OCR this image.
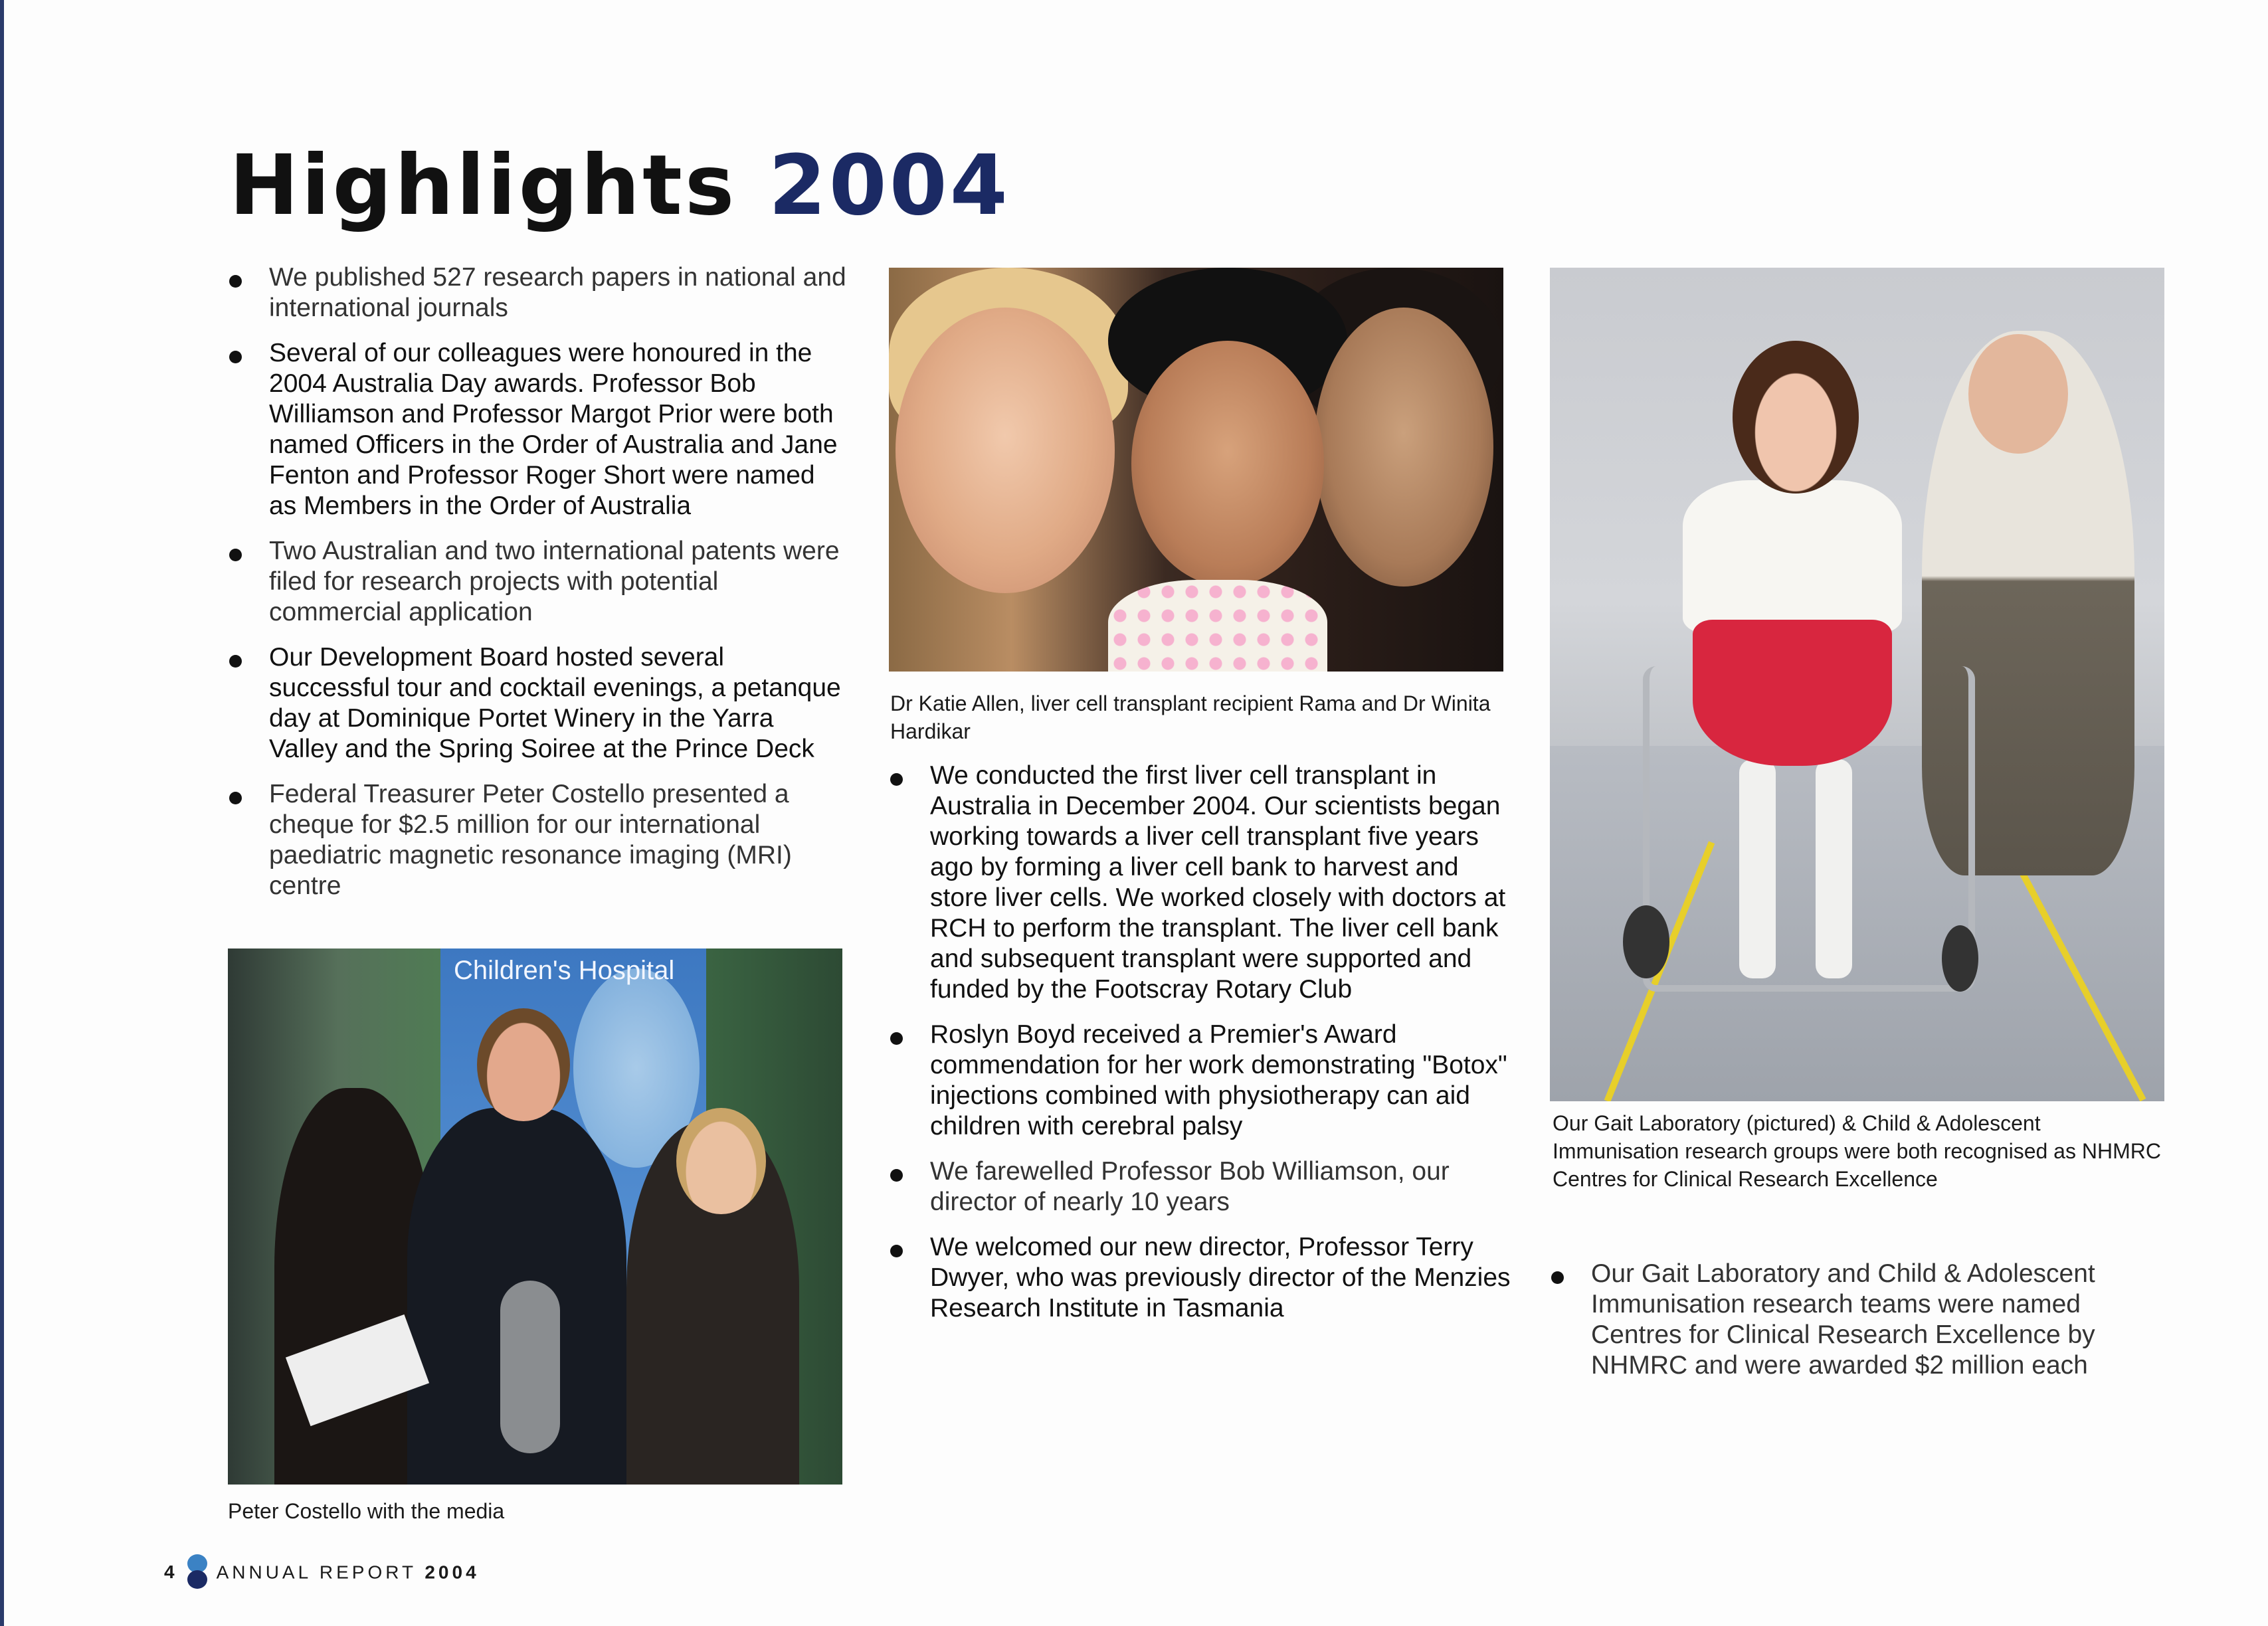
Highlights 2004
We published 527 research papers in national and international journals
Several of our colleagues were honoured in the 2004 Australia Day awards. Professor Bob Williamson and Professor Margot Prior were both named Officers in the Order of Australia and Jane Fenton and Professor Roger Short were named as Members in the Order of Australia
Two Australian and two international patents were filed for research projects with potential commercial application
Our Development Board hosted several successful tour and cocktail evenings, a petanque day at Dominique Portet Winery in the Yarra Valley and the Spring Soiree at the Prince Deck
Federal Treasurer Peter Costello presented a cheque for $2.5 million for our international paediatric magnetic resonance imaging (MRI) centre
Children's Hospital
Peter Costello with the media
Dr Katie Allen, liver cell transplant recipient Rama and Dr Winita Hardikar
We conducted the first liver cell transplant in Australia in December 2004. Our scientists began working towards a liver cell transplant five years ago by forming a liver cell bank to harvest and store liver cells. We worked closely with doctors at RCH to perform the transplant. The liver cell bank and subsequent transplant were supported and funded by the Footscray Rotary Club
Roslyn Boyd received a Premier's Award commendation for her work demonstrating "Botox" injections combined with physiotherapy can aid children with cerebral palsy
We farewelled Professor Bob Williamson, our director of nearly 10 years
We welcomed our new director, Professor Terry Dwyer, who was previously director of the Menzies Research Institute in Tasmania
Our Gait Laboratory (pictured) & Child & Adolescent Immunisation research groups were both recognised as NHMRC Centres for Clinical Research Excellence
Our Gait Laboratory and Child & Adolescent Immunisation research teams were named Centres for Clinical Research Excellence by NHMRC and were awarded $2 million each
4 ANNUAL REPORT 2004
